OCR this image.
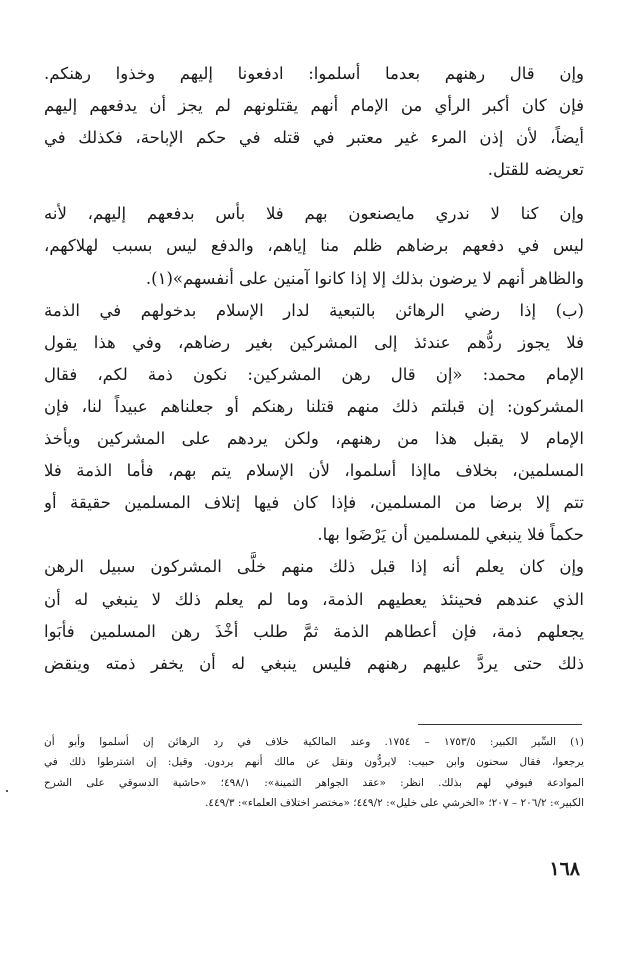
وإن قال رهنهم بعدما أسلموا: ادفعونا إليهم وخذوا رهنكم.
فإن كان أكبر الرأي من الإمام أنهم يقتلونهم لم يجز أن يدفعهم إليهم
أيضاً، لأن إذن المرء غير معتبر في قتله في حكم الإباحة، فكذلك في
تعريضه للقتل.
وإن كنا لا ندري مايصنعون بهم فلا بأس بدفعهم إليهم، لأنه
ليس في دفعهم برضاهم ظلم منا إياهم، والدفع ليس بسبب لهلاكهم،
والظاهر أنهم لا يرضون بذلك إلا إذا كانوا آمنين على أنفسهم»(١).
(ب) إذا رضي الرهائن بالتبعية لدار الإسلام بدخولهم في الذمة
فلا يجوز ردُّهم عندئذ إلى المشركين بغير رضاهم، وفي هذا يقول
الإمام محمد: «إن قال رهن المشركين: نكون ذمة لكم، فقال
المشركون: إن قبلتم ذلك منهم قتلنا رهنكم أو جعلناهم عبيداً لنا، فإن
الإمام لا يقبل هذا من رهنهم، ولكن يردهم على المشركين ويأخذ
المسلمين، بخلاف ماإذا أسلموا، لأن الإسلام يتم بهم، فأما الذمة فلا
تتم إلا برضا من المسلمين، فإذا كان فيها إتلاف المسلمين حقيقة أو
حكماً فلا ينبغي للمسلمين أن يَرْضَوا بها.
وإن كان يعلم أنه إذا قبل ذلك منهم خلَّى المشركون سبيل الرهن
الذي عندهم فحينئذ يعطيهم الذمة، وما لم يعلم ذلك لا ينبغي له أن
يجعلهم ذمة، فإن أعطاهم الذمة ثمَّ طلب أخْذَ رهن المسلمين فأبَوا
ذلك حتى يردَّ عليهم رهنهم فليس ينبغي له أن يخفر ذمته وينقض
(١) السِّير الكبير: ١٧٥٣/٥ – ١٧٥٤. وعند المالكية خلاف في رد الرهائن إن أسلموا وأبو أن
يرجعوا، فقال سحنون وابن حبيب: لايردُّون ونقل عن مالك أنهم يردون. وقيل: إن اشترطوا ذلك في
الموادعة فيوفي لهم بذلك. انظر: «عقد الجواهر الثمينة»: ٤٩٨/١؛ «حاشية الدسوقي على الشرح
الكبير»: ٢٠٦/٢ – ٢٠٧؛ «الخرشي على خليل»: ٤٤٩/٢؛ «مختصر اختلاف العلماء»: ٤٤٩/٣.
١٦٨
